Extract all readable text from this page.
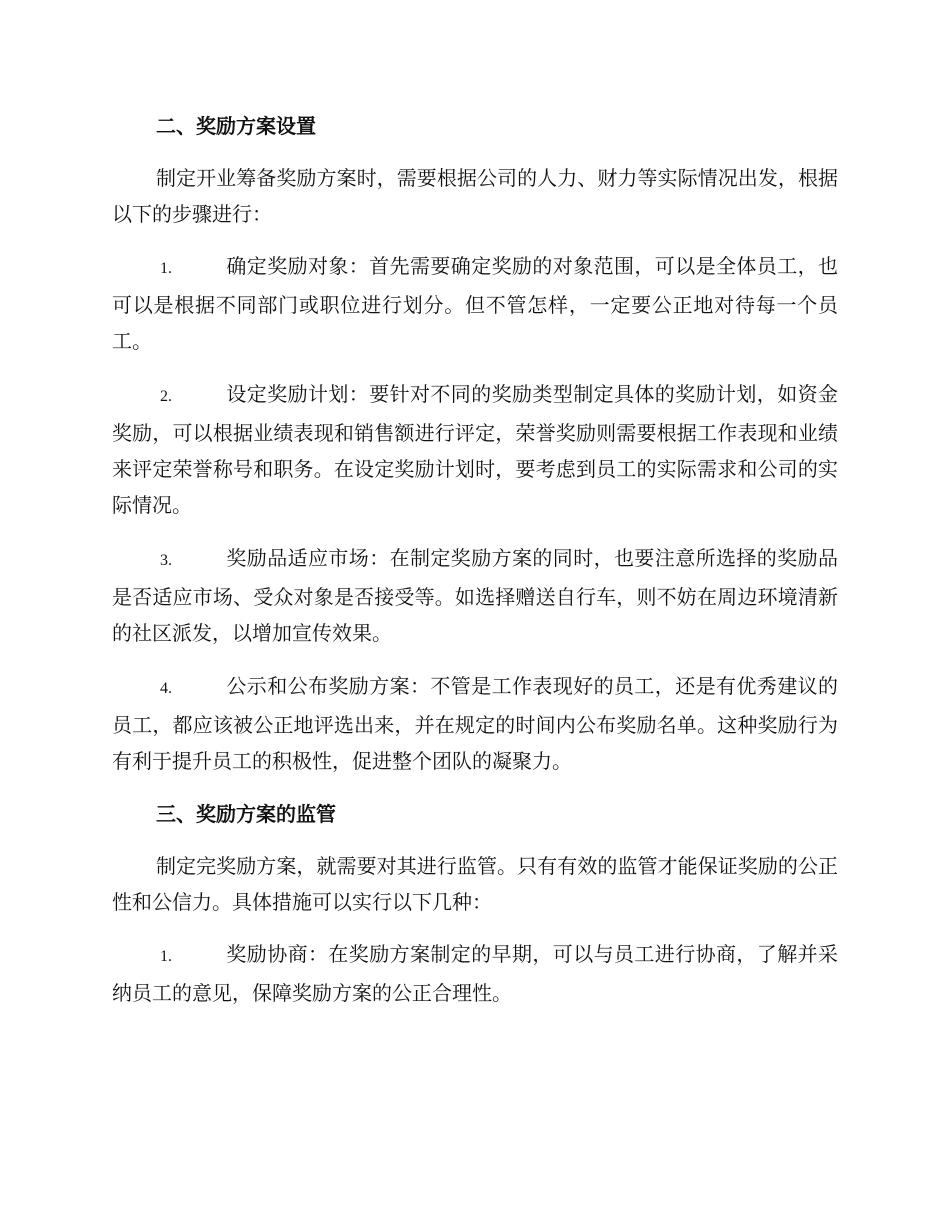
二、奖励方案设置
制定开业筹备奖励方案时，需要根据公司的人力、财力等实际情况出发，根据以下的步骤进行：
1.	确定奖励对象：首先需要确定奖励的对象范围，可以是全体员工，也可以是根据不同部门或职位进行划分。但不管怎样，一定要公正地对待每一个员工。
2.	设定奖励计划：要针对不同的奖励类型制定具体的奖励计划，如资金奖励，可以根据业绩表现和销售额进行评定，荣誉奖励则需要根据工作表现和业绩来评定荣誉称号和职务。在设定奖励计划时，要考虑到员工的实际需求和公司的实际情况。
3.	奖励品适应市场：在制定奖励方案的同时，也要注意所选择的奖励品是否适应市场、受众对象是否接受等。如选择赠送自行车，则不妨在周边环境清新的社区派发，以增加宣传效果。
4.	公示和公布奖励方案：不管是工作表现好的员工，还是有优秀建议的员工，都应该被公正地评选出来，并在规定的时间内公布奖励名单。这种奖励行为有利于提升员工的积极性，促进整个团队的凝聚力。
三、奖励方案的监管
制定完奖励方案，就需要对其进行监管。只有有效的监管才能保证奖励的公正性和公信力。具体措施可以实行以下几种：
1.	奖励协商：在奖励方案制定的早期，可以与员工进行协商，了解并采纳员工的意见，保障奖励方案的公正合理性。
